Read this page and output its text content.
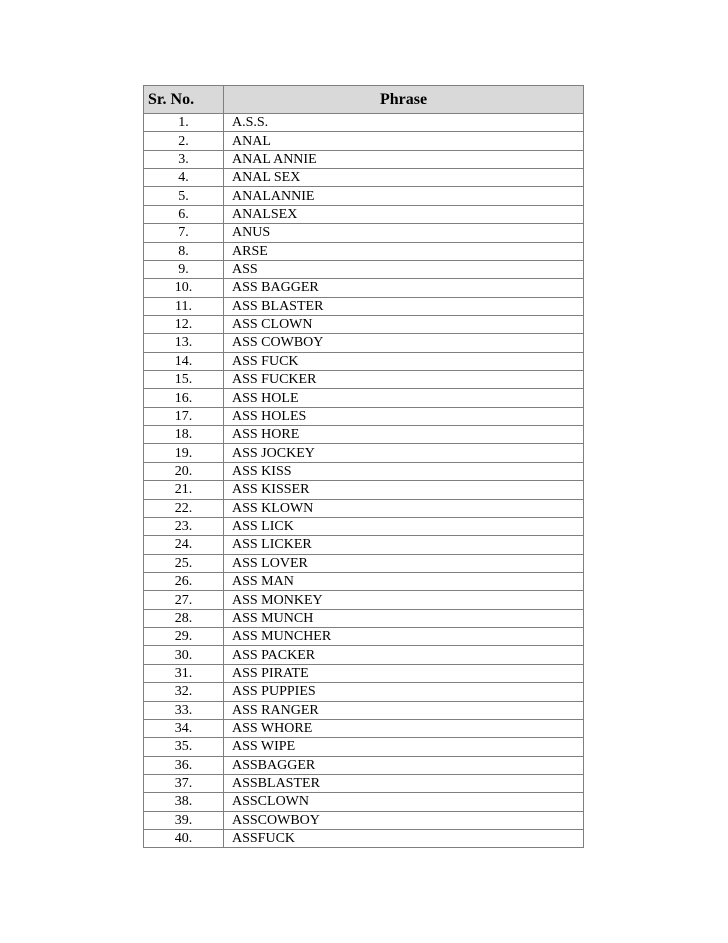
Sr. No.	Phrase
1.	A.S.S.
2.	ANAL
3.	ANAL ANNIE
4.	ANAL SEX
5.	ANALANNIE
6.	ANALSEX
7.	ANUS
8.	ARSE
9.	ASS
10.	ASS BAGGER
11.	ASS BLASTER
12.	ASS CLOWN
13.	ASS COWBOY
14.	ASS FUCK
15.	ASS FUCKER
16.	ASS HOLE
17.	ASS HOLES
18.	ASS HORE
19.	ASS JOCKEY
20.	ASS KISS
21.	ASS KISSER
22.	ASS KLOWN
23.	ASS LICK
24.	ASS LICKER
25.	ASS LOVER
26.	ASS MAN
27.	ASS MONKEY
28.	ASS MUNCH
29.	ASS MUNCHER
30.	ASS PACKER
31.	ASS PIRATE
32.	ASS PUPPIES
33.	ASS RANGER
34.	ASS WHORE
35.	ASS WIPE
36.	ASSBAGGER
37.	ASSBLASTER
38.	ASSCLOWN
39.	ASSCOWBOY
40.	ASSFUCK
